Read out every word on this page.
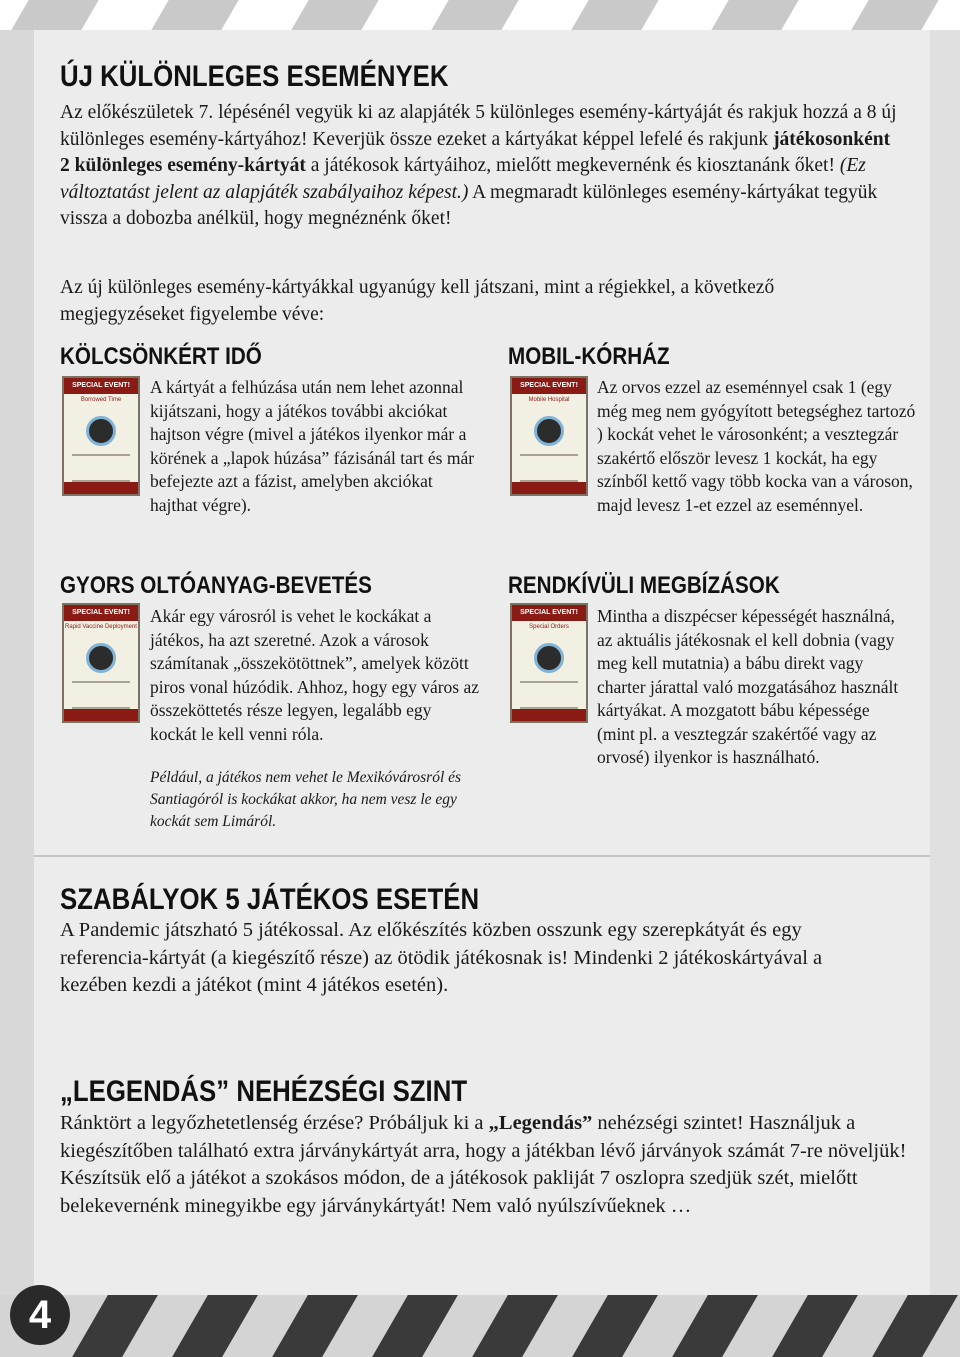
4
ÚJ KÜLÖNLEGES ESEMÉNYEK

Az előkészületek 7. lépésénél vegyük ki az alapjáték 5 különleges esemény-kártyáját és rakjuk hozzá a 8 új különleges esemény-kártyához! Keverjük össze ezeket a kártyákat képpel lefelé és rakjunk játékosonként 2 különleges esemény-kártyát a játékosok kártyáihoz, mielőtt megkevernénk és kiosztanánk őket! (Ez változtatást jelent az alapjáték szabályaihoz képest.) A megmaradt különleges esemény-kártyákat tegyük vissza a dobozba anélkül, hogy megnéznénk őket!

Az új különleges esemény-kártyákkal ugyanúgy kell játszani, mint a régiekkel, a következő megjegyzéseket figyelembe véve:

KÖLCSÖNKÉRT IDŐ
SPECIAL EVENT!
Borrowed Time

A kártyát a felhúzása után nem lehet azonnal kijátszani, hogy a játékos további akciókat hajtson végre (mivel a játékos ilyenkor már a körének a „lapok húzása” fázisánál tart és már befejezte azt a fázist, amelyben akciókat hajthat végre).

MOBIL-KÓRHÁZ
SPECIAL EVENT!
Mobile Hospital

Az orvos ezzel az eseménnyel csak 1 (egy még meg nem gyógyított betegséghez tartozó ) kockát vehet le városonként; a vesztegzár szakértő először levesz 1 kockát, ha egy színből kettő vagy több kocka van a városon, majd levesz 1-et ezzel az eseménnyel.

GYORS OLTÓANYAG-BEVETÉS
SPECIAL EVENT!
Rapid Vaccine Deployment

Akár egy városról is vehet le kockákat a játékos, ha azt szeretné. Azok a városok számítanak „összekötöttnek”, amelyek között piros vonal húzódik. Ahhoz, hogy egy város az összeköttetés része legyen, legalább egy kockát le kell venni róla.

Például, a játékos nem vehet le Mexikóvárosról és Santiagóról is kockákat akkor, ha nem vesz le egy kockát sem Limáról.

RENDKÍVÜLI MEGBÍZÁSOK
SPECIAL EVENT!
Special Orders

Mintha a diszpécser képességét használná, az aktuális játékosnak el kell dobnia (vagy meg kell mutatnia) a bábu direkt vagy charter járattal való mozgatásához használt kártyákat. A mozgatott bábu képessége (mint pl. a vesztegzár szakértőé vagy az orvosé) ilyenkor is használható.

SZABÁLYOK 5 JÁTÉKOS ESETÉN

A Pandemic játszható 5 játékossal. Az előkészítés közben osszunk egy szerepkátyát és egy referencia-kártyát (a kiegészítő része) az ötödik játékosnak is! Mindenki 2 játékoskártyával a kezében kezdi a játékot (mint 4 játékos esetén).

„LEGENDÁS” NEHÉZSÉGI SZINT

Ránktört a legyőzhetetlenség érzése? Próbáljuk ki a „Legendás” nehézségi szintet! Használjuk a kiegészítőben található extra járványkártyát arra, hogy a játékban lévő járványok számát 7-re növeljük! Készítsük elő a játékot a szokásos módon, de a játékosok pakliját 7 oszlopra szedjük szét, mielőtt belekevernénk minegyikbe egy járványkártyát! Nem való nyúlszívűeknek …
